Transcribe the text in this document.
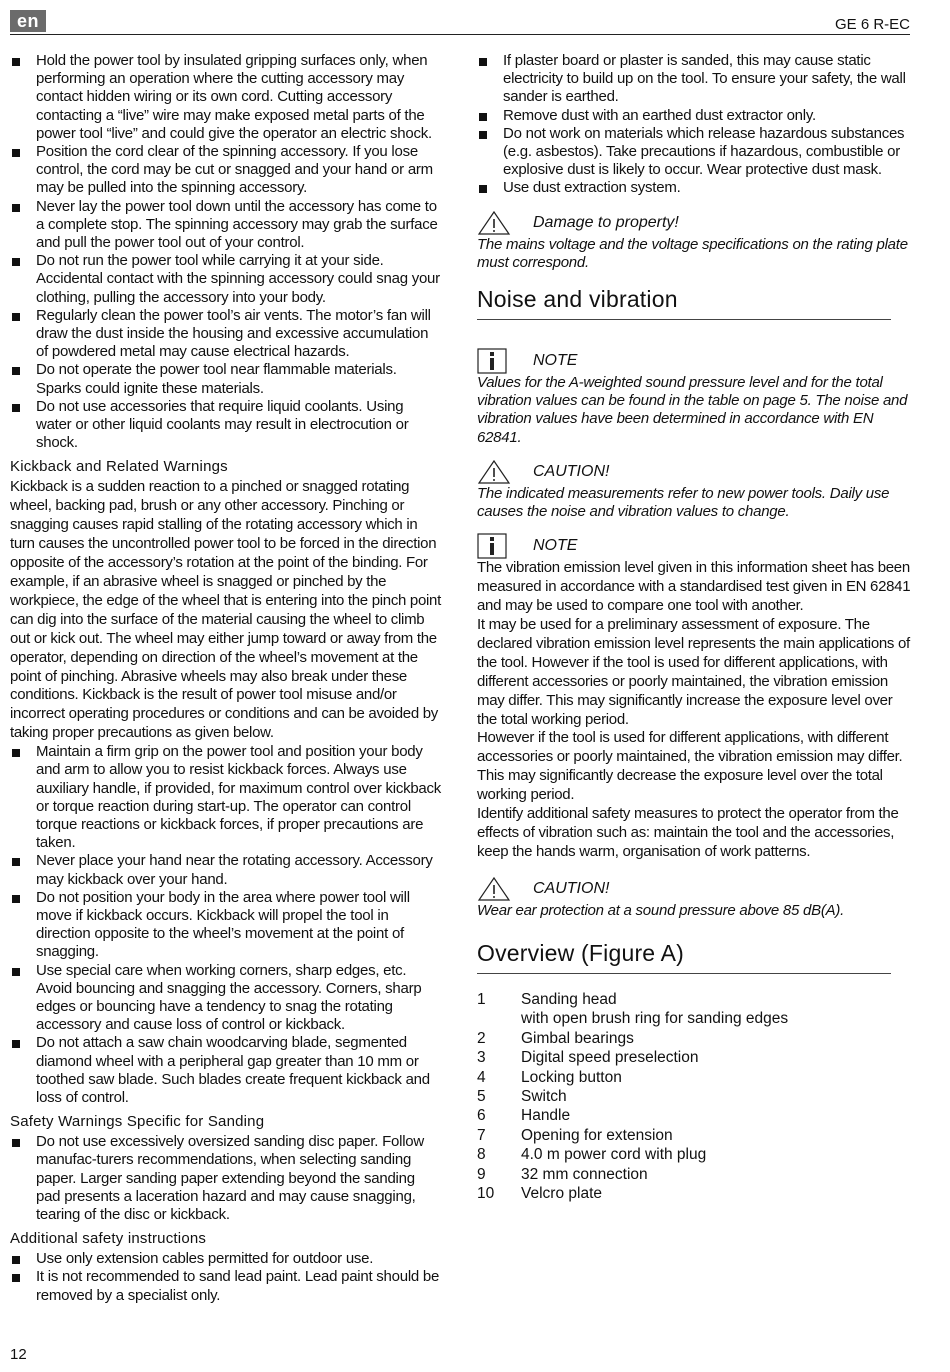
en	GE 6 R-EC
Hold the power tool by insulated gripping surfaces only, when performing an operation where the cutting accessory may contact hidden wiring or its own cord. Cutting accessory contacting a “live” wire may make exposed metal parts of the power tool “live” and could give the operator an electric shock.
Position the cord clear of the spinning accessory. If you lose control, the cord may be cut or snagged and your hand or arm may be pulled into the spinning accessory.
Never lay the power tool down until the accessory has come to a complete stop. The spinning accessory may grab the surface and pull the power tool out of your control.
Do not run the power tool while carrying it at your side. Accidental contact with the spinning accessory could snag your clothing, pulling the accessory into your body.
Regularly clean the power tool’s air vents. The motor’s fan will draw the dust inside the housing and excessive accumulation of powdered metal may cause electrical hazards.
Do not operate the power tool near flammable materials. Sparks could ignite these materials.
Do not use accessories that require liquid coolants. Using water or other liquid coolants may result in electrocution or shock.
Kickback and Related Warnings

Kickback is a sudden reaction to a pinched or snagged rotating wheel, backing pad, brush or any other accessory. Pinching or snagging causes rapid stalling of the rotating accessory which in turn causes the uncontrolled power tool to be forced in the direction opposite of the accessory’s rotation at the point of the binding. For example, if an abrasive wheel is snagged or pinched by the workpiece, the edge of the wheel that is entering into the pinch point can dig into the surface of the material causing the wheel to climb out or kick out. The wheel may either jump toward or away from the operator, depending on direction of the wheel’s movement at the point of pinching. Abrasive wheels may also break under these conditions. Kickback is the result of power tool misuse and/or incorrect operating procedures or conditions and can be avoided by taking proper precautions as given below.

Maintain a firm grip on the power tool and position your body and arm to allow you to resist kickback forces. Always use auxiliary handle, if provided, for maximum control over kickback or torque reaction during start-up. The operator can control torque reactions or kickback forces, if proper precautions are taken.
Never place your hand near the rotating accessory. Accessory may kickback over your hand.
Do not position your body in the area where power tool will move if kickback occurs. Kickback will propel the tool in direction opposite to the wheel’s movement at the point of snagging.
Use special care when working corners, sharp edges, etc. Avoid bouncing and snagging the accessory. Corners, sharp edges or bouncing have a tendency to snag the rotating accessory and cause loss of control or kickback.
Do not attach a saw chain woodcarving blade, segmented diamond wheel with a peripheral gap greater than 10 mm or toothed saw blade. Such blades create frequent kickback and loss of control.
Safety Warnings Specific for Sanding
Do not use excessively oversized sanding disc paper. Follow manufac-turers recommendations, when selecting sanding paper. Larger sanding paper extending beyond the sanding pad presents a laceration hazard and may cause snagging, tearing of the disc or kickback.
Additional safety instructions
Use only extension cables permitted for outdoor use.
It is not recommended to sand lead paint. Lead paint should be removed by a specialist only.
If plaster board or plaster is sanded, this may cause static electricity to build up on the tool. To ensure your safety, the wall sander is earthed.
Remove dust with an earthed dust extractor only.
Do not work on materials which release hazardous substances (e.g. asbestos). Take precautions if hazardous, combustible or explosive dust is likely to occur. Wear protective dust mask.
Use dust extraction system.
Damage to property!

The mains voltage and the voltage specifications on the rating plate must correspond.

Noise and vibration
NOTE

Values for the A-weighted sound pressure level and for the total vibration values can be found in the table on page 5. The noise and vibration values have been determined in accordance with EN 62841.

CAUTION!

The indicated measurements refer to new power tools. Daily use causes the noise and vibration values to change.

NOTE

The vibration emission level given in this information sheet has been measured in accordance with a standardised test given in EN 62841 and may be used to compare one tool with another.

It may be used for a preliminary assessment of exposure. The declared vibration emission level represents the main applications of the tool. However if the tool is used for different applications, with different accessories or poorly maintained, the vibration emission may differ. This may significantly increase the exposure level over the total working period.

However if the tool is used for different applications, with different accessories or poorly maintained, the vibration emission may differ. This may significantly decrease the exposure level over the total working period.

Identify additional safety measures to protect the operator from the effects of vibration such as: maintain the tool and the accessories, keep the hands warm, organisation of work patterns.

CAUTION!

Wear ear protection at a sound pressure above 85 dB(A).

Overview (Figure A)
1	Sanding head
	with open brush ring for sanding edges
2	Gimbal bearings
3	Digital speed preselection
4	Locking button
5	Switch
6	Handle
7	Opening for extension
8	4.0 m power cord with plug
9	32 mm connection
10	Velcro plate
12
